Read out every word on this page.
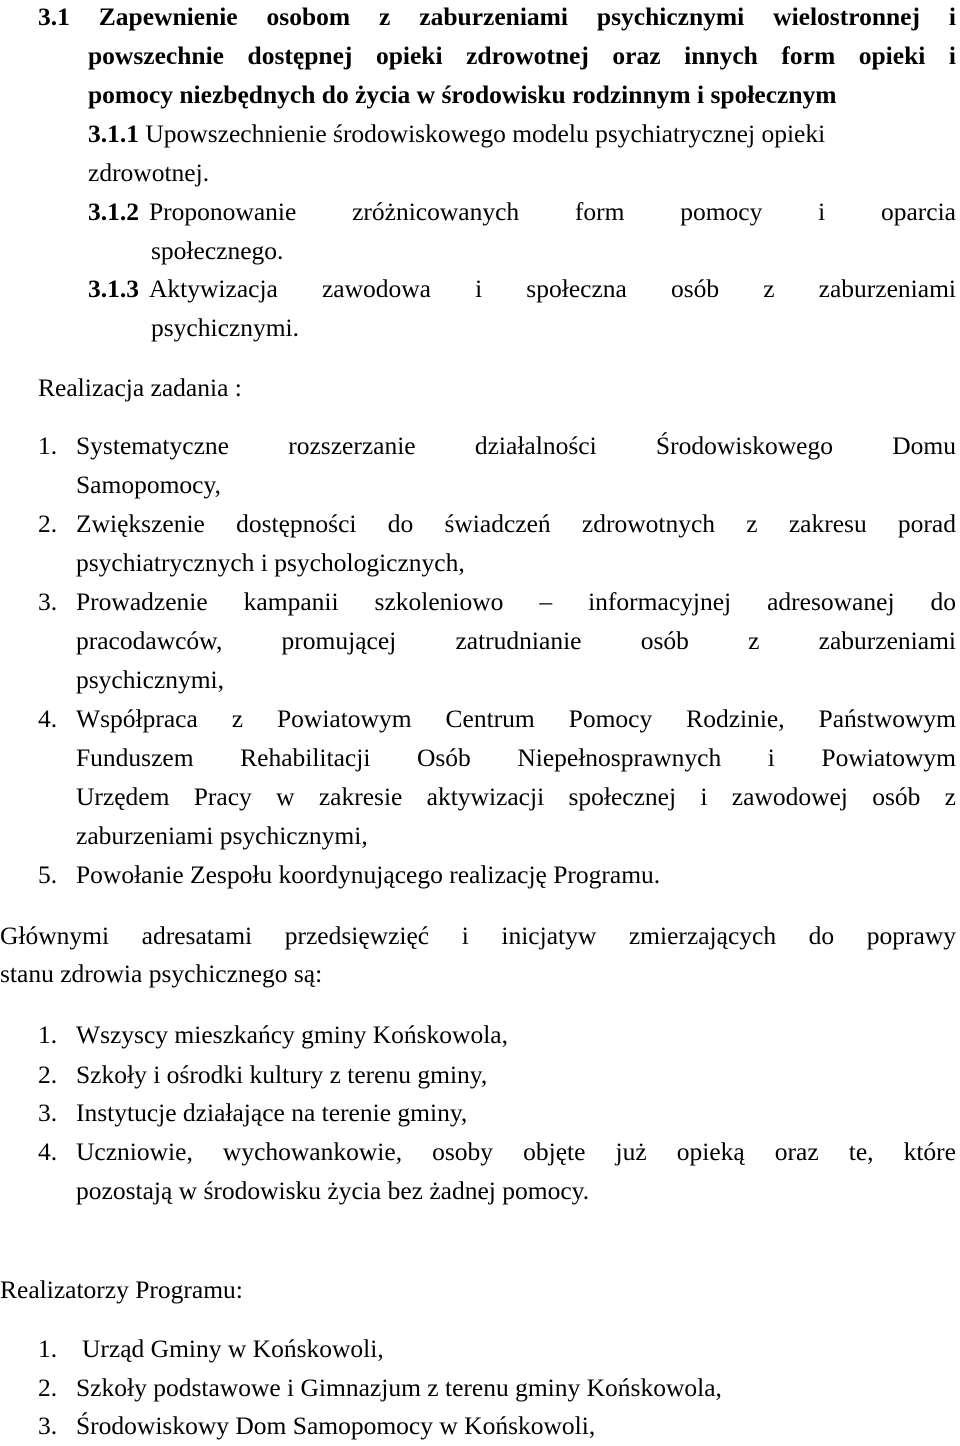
3.1 Zapewnienie osobom z zaburzeniami psychicznymi wielostronnej i
powszechnie dostępnej opieki zdrowotnej oraz innych form opieki i
pomocy niezbędnych do życia w środowisku rodzinnym i społecznym
3.1.1 Upowszechnienie środowiskowego modelu psychiatrycznej opieki
zdrowotnej.
3.1.2 Proponowanie zróżnicowanych form pomocy i oparcia
społecznego.
3.1.3 Aktywizacja zawodowa i społeczna osób z zaburzeniami
psychicznymi.
Realizacja zadania :
1. Systematyczne rozszerzanie działalności Środowiskowego Domu
Samopomocy,
2. Zwiększenie dostępności do świadczeń zdrowotnych z zakresu porad
psychiatrycznych i psychologicznych,
3. Prowadzenie kampanii szkoleniowo – informacyjnej adresowanej do
pracodawców, promującej zatrudnianie osób z zaburzeniami
psychicznymi,
4. Współpraca z Powiatowym Centrum Pomocy Rodzinie, Państwowym
Funduszem Rehabilitacji Osób Niepełnosprawnych i Powiatowym
Urzędem Pracy w zakresie aktywizacji społecznej i zawodowej osób z
zaburzeniami psychicznymi,
5. Powołanie Zespołu koordynującego realizację Programu.
Głównymi adresatami przedsięwzięć i inicjatyw zmierzających do poprawy
stanu zdrowia psychicznego są:
1. Wszyscy mieszkańcy gminy Końskowola,
2. Szkoły i ośrodki kultury z terenu gminy,
3. Instytucje działające na terenie gminy,
4. Uczniowie, wychowankowie, osoby objęte już opieką oraz te, które
pozostają w środowisku życia bez żadnej pomocy.
Realizatorzy Programu:
1. Urząd Gminy w Końskowoli,
2. Szkoły podstawowe i Gimnazjum z terenu gminy Końskowola,
3. Środowiskowy Dom Samopomocy w Końskowoli,
